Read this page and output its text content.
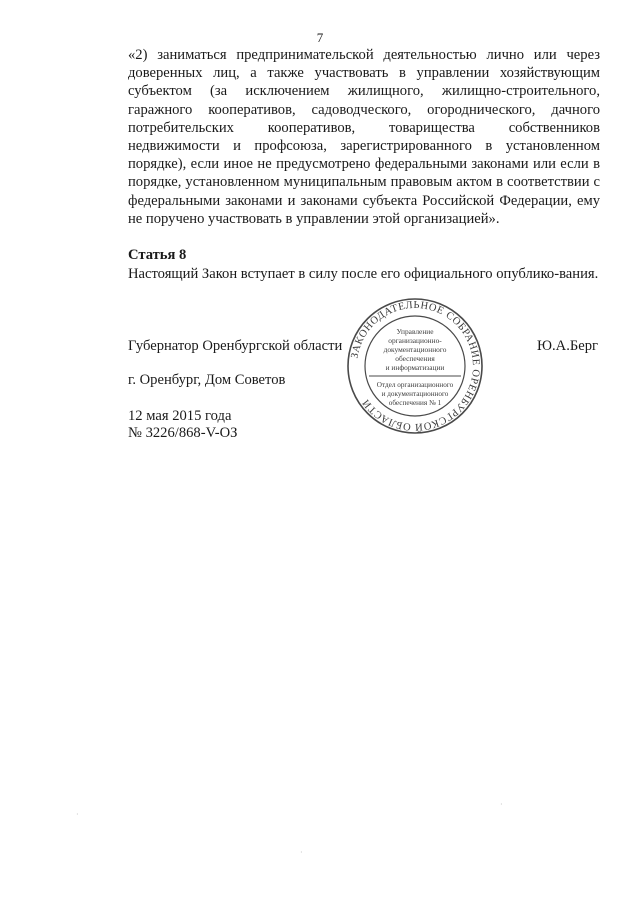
7

«2) заниматься предпринимательской деятельностью лично или через доверенных лиц, а также участвовать в управлении хозяйствующим субъектом (за исключением жилищного, жилищно-строительного, гаражного кооперативов, садоводческого, огороднического, дачного потребительских кооперативов, товарищества собственников недвижимости и профсоюза, зарегистрированного в установленном порядке), если иное не предусмотрено федеральными законами или если в порядке, установленном муниципальным правовым актом в соответствии с федеральными законами и законами субъекта Российской Федерации, ему не поручено участвовать в управлении этой организацией».

Статья 8

Настоящий Закон вступает в силу после его официального опублико-вания.

Губернатор Оренбургской области	Ю.А.Берг
г. Оренбург, Дом Советов
12 мая 2015 года
№ 3226/868-V-ОЗ
ЗАКОНОДАТЕЛЬНОЕ СОБРАНИЕ ОРЕНБУРГСКОЙ ОБЛАСТИ
Управление
организационно-
документационного
обеспечения
и информатизации
Отдел организационного
и документационного
обеспечения № 1
·
·
·
